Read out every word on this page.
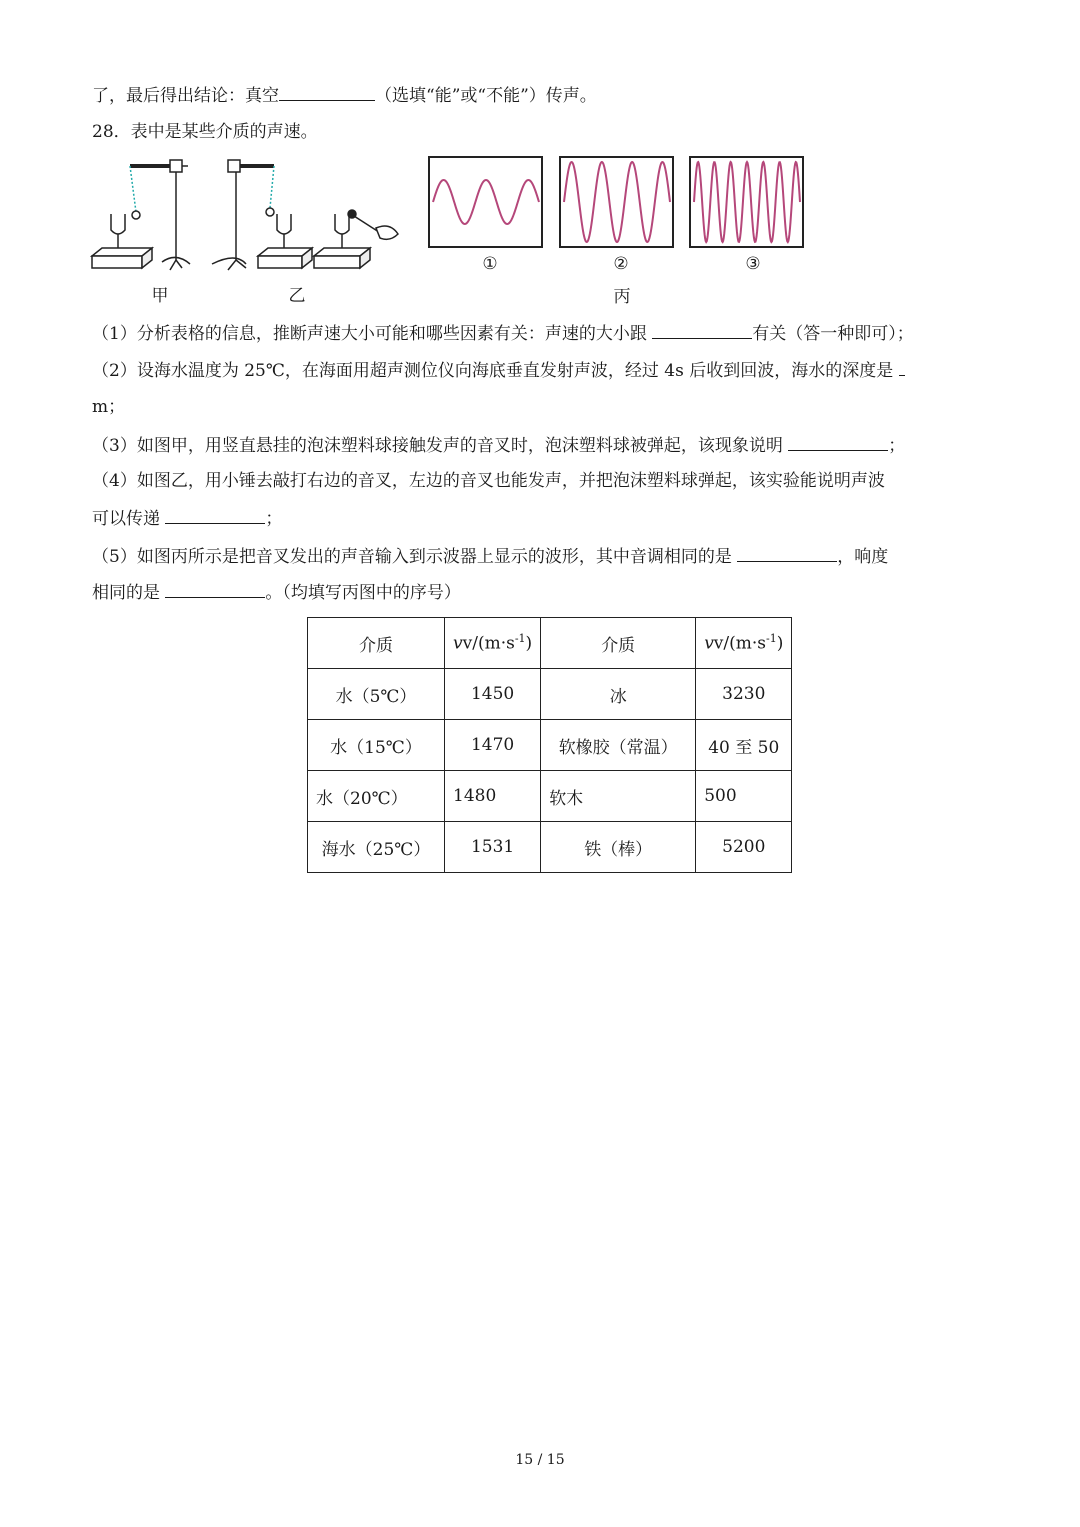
了，最后得出结论：真空	（选填“能”或“不能”）传声。
28．表中是某些介质的声速。
甲	乙
①	②	③
丙
（1）分析表格的信息，推断声速大小可能和哪些因素有关：声速的大小跟	有关（答一种即可）；
（2）设海水温度为 25℃，在海面用超声测位仪向海底垂直发射声波，经过 4s 后收到回波，海水的深度是
m；
（3）如图甲，用竖直悬挂的泡沫塑料球接触发声的音叉时，泡沫塑料球被弹起，该现象说明	；
（4）如图乙，用小锤去敲打右边的音叉，左边的音叉也能发声，并把泡沫塑料球弹起，该实验能说明声波
可以传递	；
（5）如图丙所示是把音叉发出的声音输入到示波器上显示的波形，其中音调相同的是	，响度
相同的是	。（均填写丙图中的序号）
介质	$vv/(m\cdot s^{-1})$	介质	$vv/(m\cdot s^{-1})$
水（5℃）	1450	冰	3230
水（15℃）	1470	软橡胶（常温）	40 至 50
水（20℃）	1480	软木	500
海水（25℃）	1531	铁（棒）	5200
15 / 15
